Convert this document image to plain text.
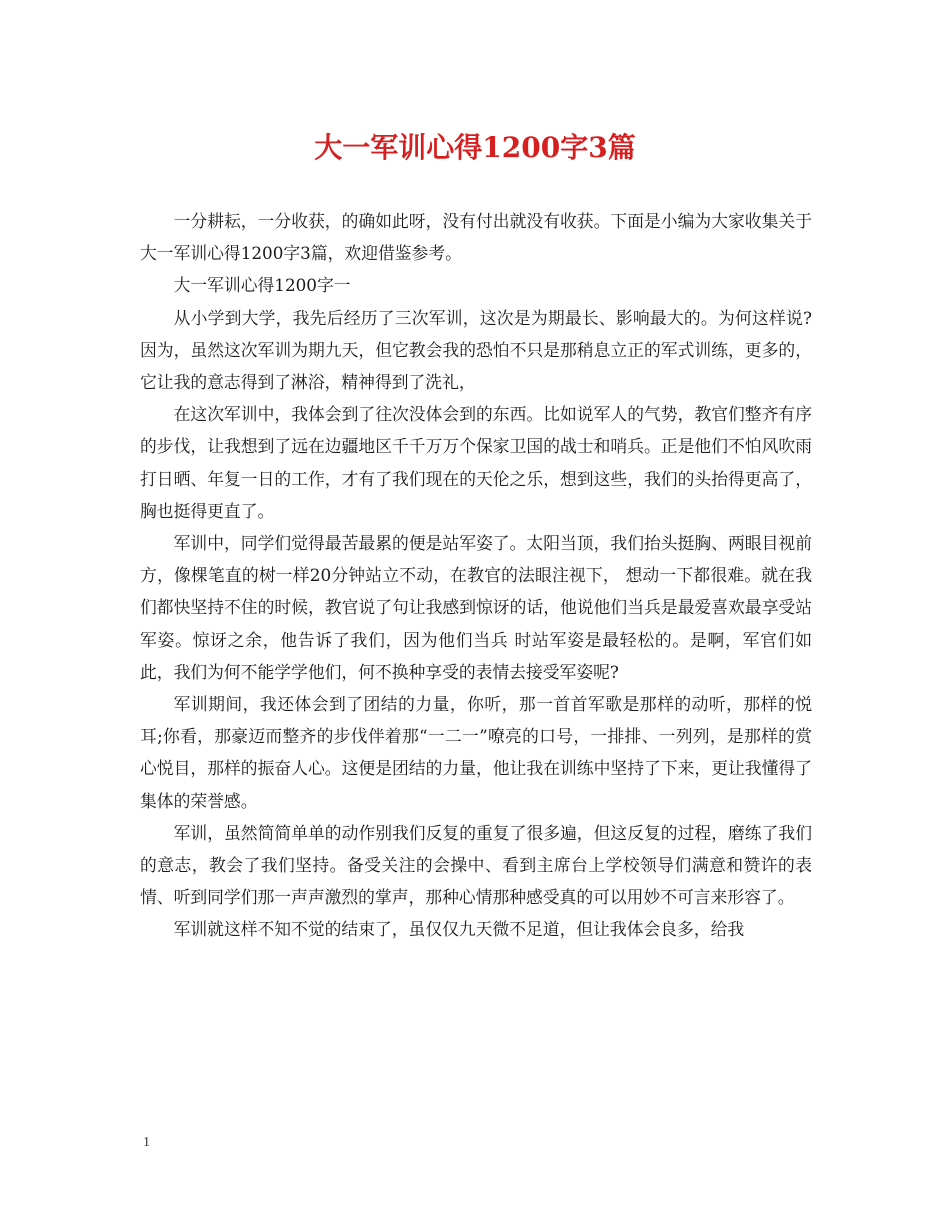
大一军训心得1200字3篇

一分耕耘，一分收获，的确如此呀，没有付出就没有收获。下面是小编为大家收集关于大一军训心得1200字3篇，欢迎借鉴参考。

大一军训心得1200字一

从小学到大学，我先后经历了三次军训，这次是为期最长、影响最大的。为何这样说?因为，虽然这次军训为期九天，但它教会我的恐怕不只是那稍息立正的军式训练，更多的，它让我的意志得到了淋浴，精神得到了洗礼，

在这次军训中，我体会到了往次没体会到的东西。比如说军人的气势，教官们整齐有序的步伐，让我想到了远在边疆地区千千万万个保家卫国的战士和哨兵。正是他们不怕风吹雨打日晒、年复一日的工作，才有了我们现在的天伦之乐，想到这些，我们的头抬得更高了，胸也挺得更直了。

军训中，同学们觉得最苦最累的便是站军姿了。太阳当顶，我们抬头挺胸、两眼目视前方，像棵笔直的树一样20分钟站立不动，在教官的法眼注视下， 想动一下都很难。就在我们都快坚持不住的时候，教官说了句让我感到惊讶的话，他说他们当兵是最爱喜欢最享受站军姿。惊讶之余，他告诉了我们，因为他们当兵 时站军姿是最轻松的。是啊，军官们如此，我们为何不能学学他们，何不换种享受的表情去接受军姿呢?

军训期间，我还体会到了团结的力量，你听，那一首首军歌是那样的动听，那样的悦耳;你看，那豪迈而整齐的步伐伴着那“一二一”嘹亮的口号，一排排、一列列，是那样的赏心悦目，那样的振奋人心。这便是团结的力量，他让我在训练中坚持了下来，更让我懂得了集体的荣誉感。

军训，虽然简简单单的动作别我们反复的重复了很多遍，但这反复的过程，磨练了我们的意志，教会了我们坚持。备受关注的会操中、看到主席台上学校领导们满意和赞许的表情、听到同学们那一声声激烈的掌声，那种心情那种感受真的可以用妙不可言来形容了。

军训就这样不知不觉的结束了，虽仅仅九天微不足道，但让我体会良多，给我

1
